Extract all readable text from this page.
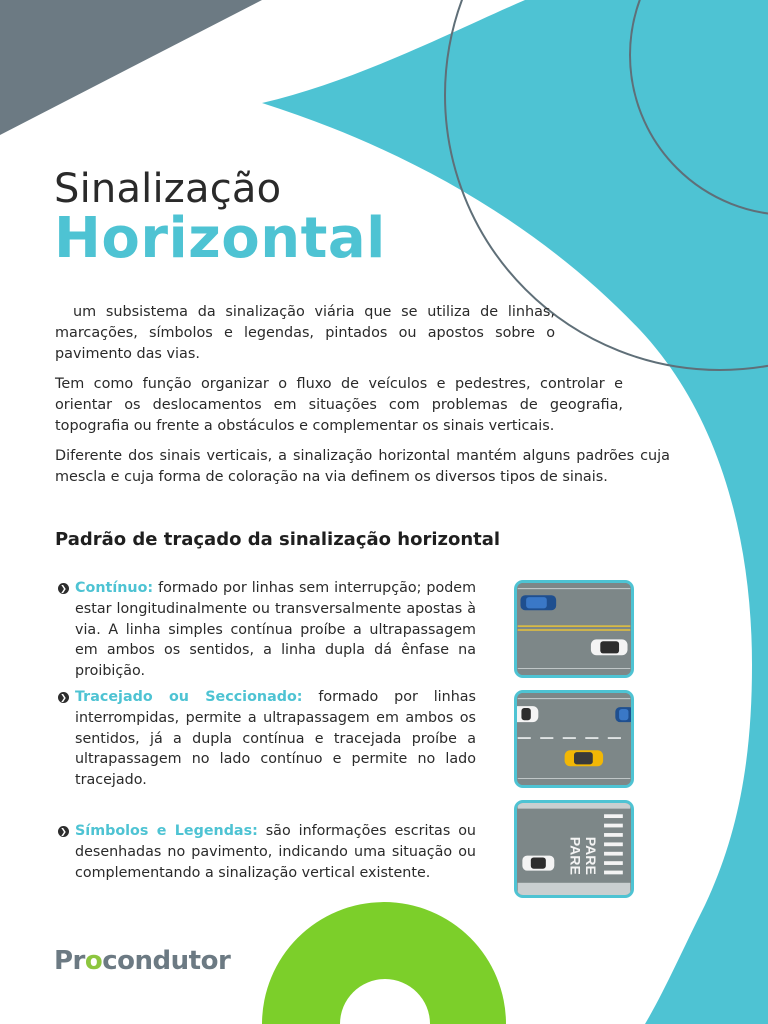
Sinalização
Horizontal

um subsistema da sinalização viária que se utiliza de linhas, marcações, símbolos e legendas, pintados ou apostos sobre o pavimento das vias.

Tem como função organizar o fluxo de veículos e pedestres, controlar e orientar os deslocamentos em situações com problemas de geografia, topografia ou frente a obstáculos e complementar os sinais verticais.

Diferente dos sinais verticais, a sinalização horizontal mantém alguns padrões cuja mescla e cuja forma de coloração na via definem os diversos tipos de sinais.

Padrão de traçado da sinalização horizontal
❯ Contínuo: formado por linhas sem interrupção; podem estar longitudinalmente ou transversalmente apostas à via. A linha simples contínua proíbe a ultrapassagem em ambos os sentidos, a linha dupla dá ênfase na proibição.
❯ Tracejado ou Seccionado: formado por linhas interrompidas, permite a ultrapassagem em ambos os sentidos, já a dupla contínua e tracejada proíbe a ultrapassagem no lado contínuo e permite no lado tracejado.
❯ Símbolos e Legendas: são informações escritas ou desenhadas no pavimento, indicando uma situação ou complementando a sinalização vertical existente.	PARE PARE
Procondutor
